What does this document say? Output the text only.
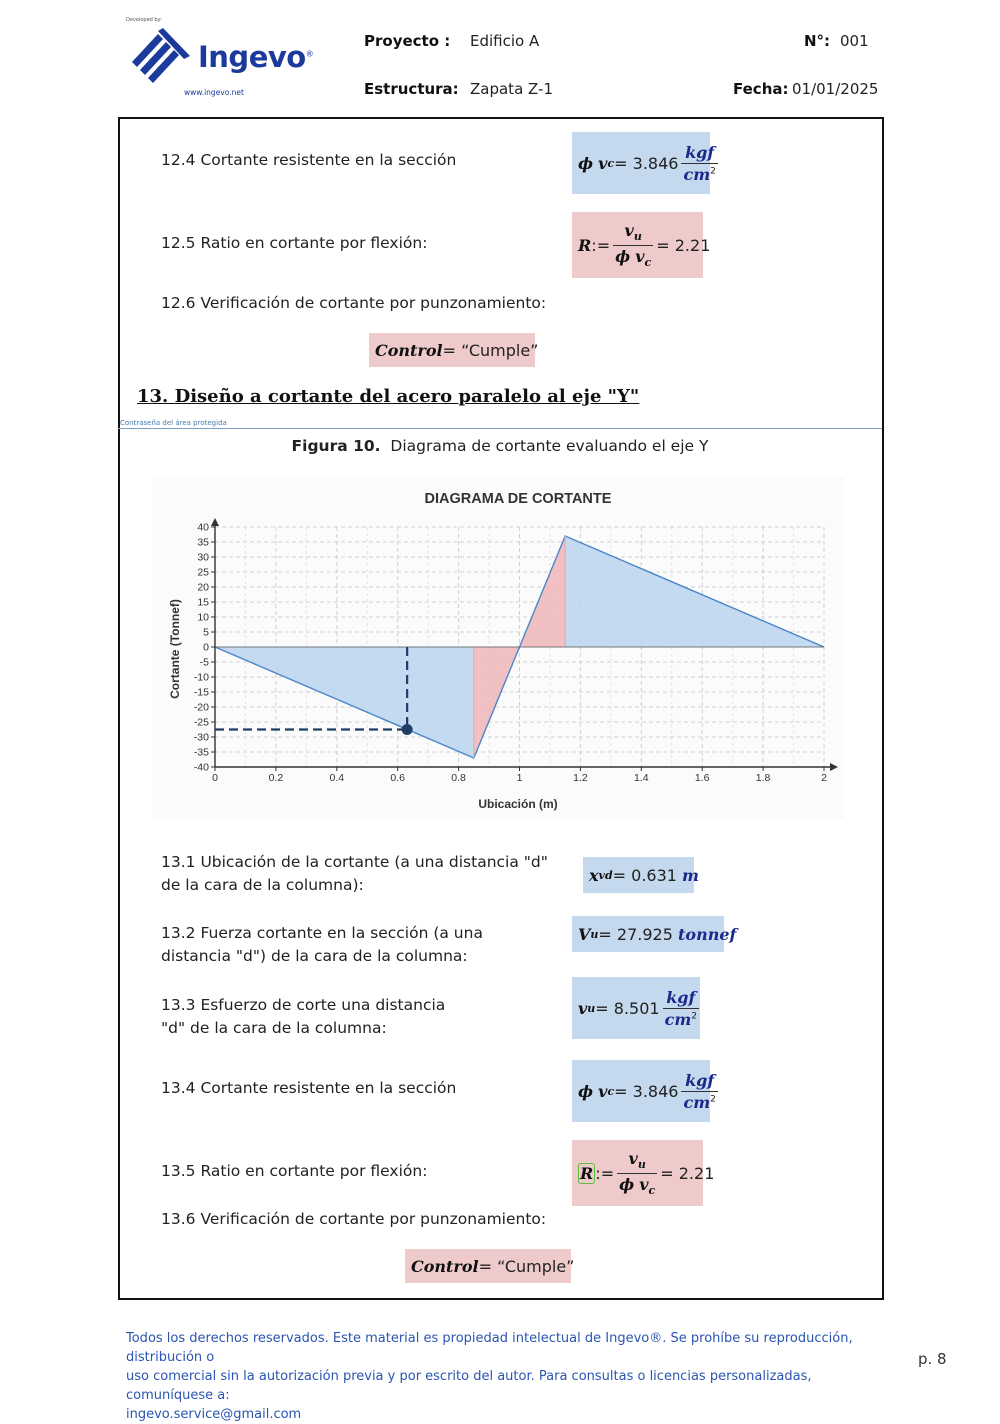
Developed by:
Ingevo®
www.ingevo.net
Proyecto : Edificio A
Estructura: Zapata Z-1
N°: 001
Fecha: 01/01/2025
12.4 Cortante resistente en la sección	ϕ
v $c = 3.846 \frac{\text{kgf}}{cm^2}$
12.5 Ratio en cortante por flexión:	R := $\frac{v_u}{\phi v_c} = 2.21$
12.6 Verificación de cortante por punzonamiento:
Control = “Cumple”
13. Diseño a cortante del acero paralelo al eje "Y"
Contraseña del área protegida
Figura 10. Diagrama de cortante evaluando el eje Y
DIAGRAMA DE CORTANTE
Ubicación (m)
Cortante (Tonnef)
0	0.2	0.4	0.6	0.8	1	1.2	1.4	1.6	1.8	2
40
35
30
25
20
15
10
5
0
-5
-10
-15
-20
-25
-30
-35
-40
13.1 Ubicación de la cortante (a una distancia "d"
de la cara de la columna):
x vd = 0.631
m
13.2 Fuerza cortante en la sección (a una
distancia "d") de la cara de la columna:
V u = 27.925
tonnef
13.3 Esfuerzo de corte una distancia
"d" de la cara de la columna:
v $u = 8.501 \frac{\text{kgf}}{cm^2}$
13.4 Cortante resistente en la sección	ϕ
v $c = 3.846 \frac{\text{kgf}}{cm^2}$
13.5 Ratio en cortante por flexión:	R := $\frac{v_u}{\phi v_c} = 2.21$
13.6 Verificación de cortante por punzonamiento:
Control = “Cumple”
Todos los derechos reservados. Este material es propiedad intelectual de Ingevo®. Se prohíbe su reproducción, distribución o
uso comercial sin la autorización previa y por escrito del autor. Para consultas o licencias personalizadas, comuníquese a:
ingevo.service@gmail.com
p. 8
